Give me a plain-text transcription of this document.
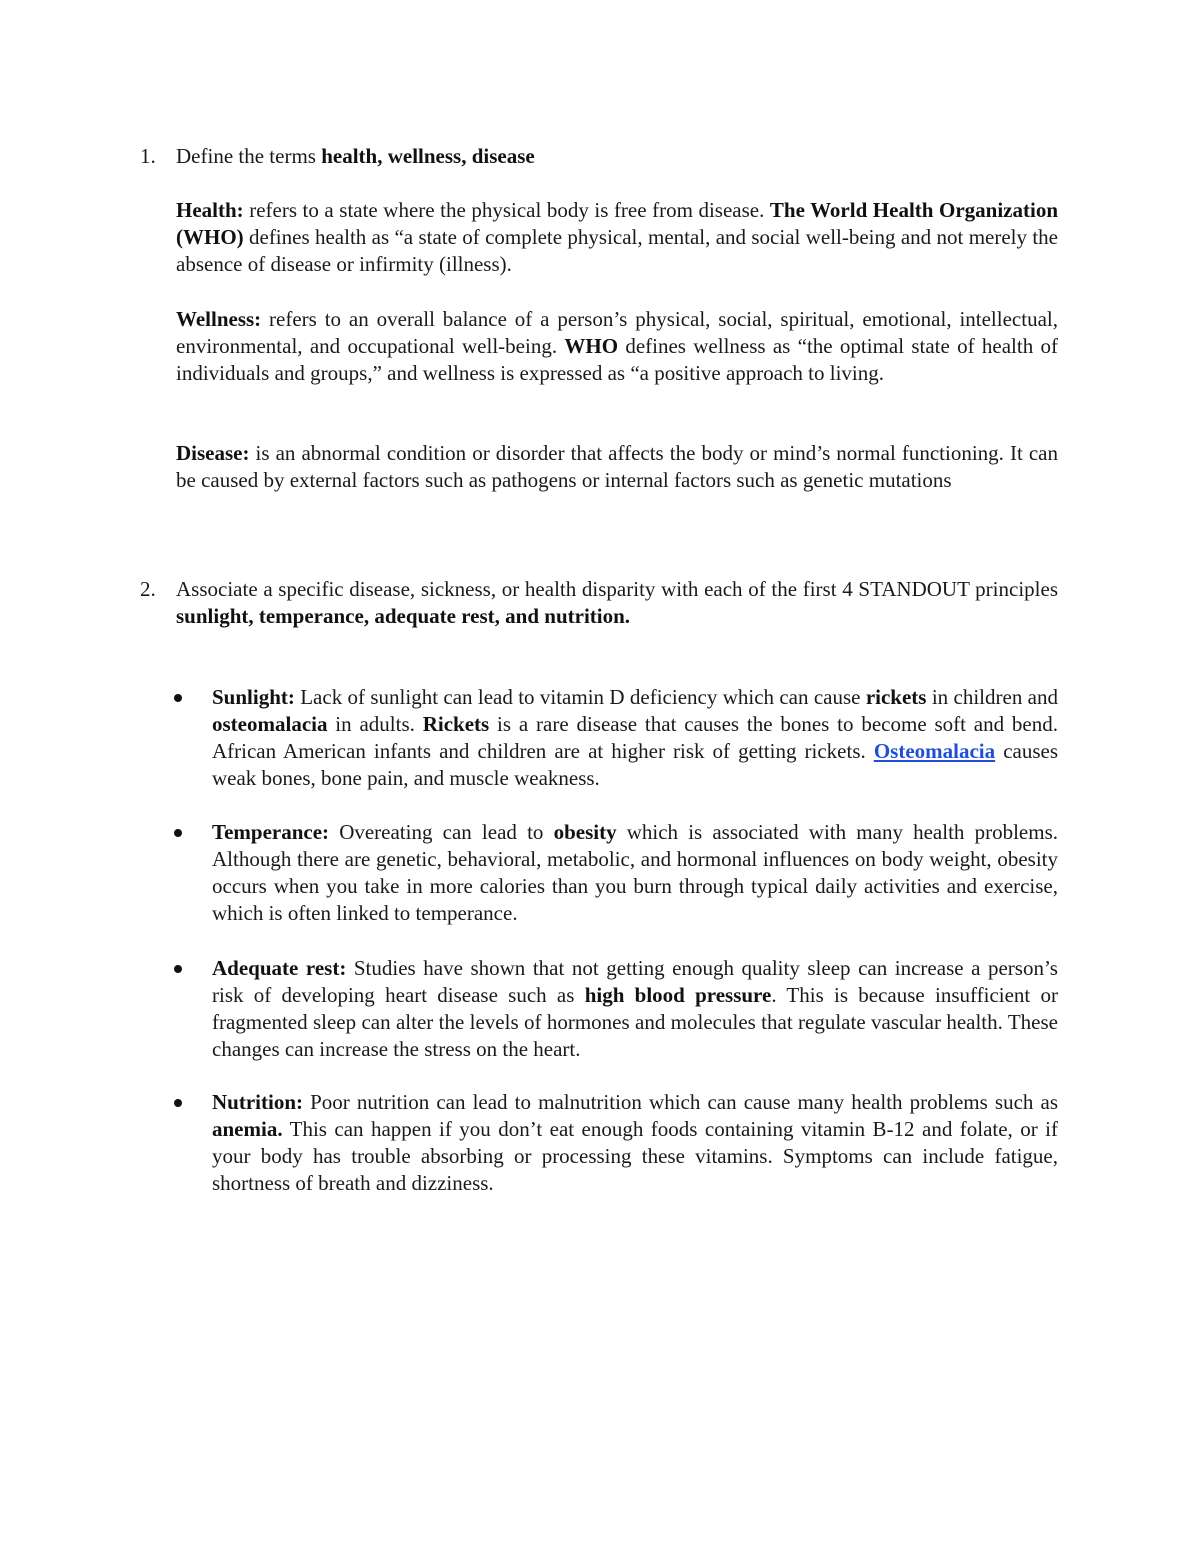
1. Define the terms health, wellness, disease

Health: refers to a state where the physical body is free from disease. The World Health Organization (WHO) defines health as “a state of complete physical, mental, and social well-being and not merely the absence of disease or infirmity (illness).

Wellness: refers to an overall balance of a person’s physical, social, spiritual, emotional, intellectual, environmental, and occupational well-being. WHO defines wellness as “the optimal state of health of individuals and groups,” and wellness is expressed as “a positive approach to living.

Disease: is an abnormal condition or disorder that affects the body or mind’s normal functioning. It can be caused by external factors such as pathogens or internal factors such as genetic mutations

2. Associate a specific disease, sickness, or health disparity with each of the first 4 STANDOUT principles sunlight, temperance, adequate rest, and nutrition.

Sunlight: Lack of sunlight can lead to vitamin D deficiency which can cause rickets in children and osteomalacia in adults. Rickets is a rare disease that causes the bones to become soft and bend. African American infants and children are at higher risk of getting rickets. Osteomalacia causes weak bones, bone pain, and muscle weakness.

Temperance: Overeating can lead to obesity which is associated with many health problems. Although there are genetic, behavioral, metabolic, and hormonal influences on body weight, obesity occurs when you take in more calories than you burn through typical daily activities and exercise, which is often linked to temperance.

Adequate rest: Studies have shown that not getting enough quality sleep can increase a person’s risk of developing heart disease such as high blood pressure. This is because insufficient or fragmented sleep can alter the levels of hormones and molecules that regulate vascular health. These changes can increase the stress on the heart.

Nutrition: Poor nutrition can lead to malnutrition which can cause many health problems such as anemia. This can happen if you don’t eat enough foods containing vitamin B-12 and folate, or if your body has trouble absorbing or processing these vitamins. Symptoms can include fatigue, shortness of breath and dizziness.
